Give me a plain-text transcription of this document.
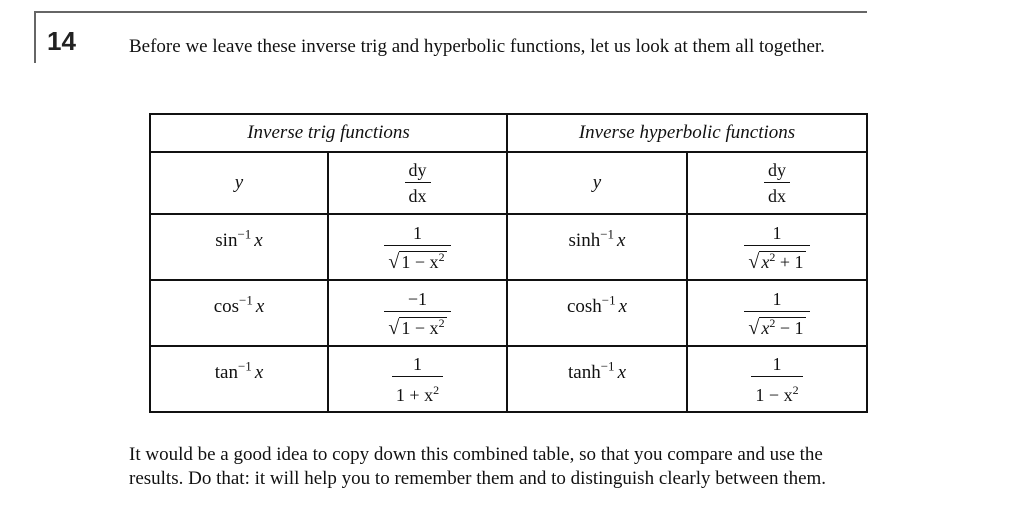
14	Before we leave these inverse trig and hyperbolic functions, let us look at them all together.

Inverse trig functions		Inverse hyperbolic functions	
y	$\frac{dy}{dx}$	y	$\frac{dy}{dx}$

$\sin^{-1} x$	$\frac{1}{√ 1 - x^2}$	$\sinh^{-1} x$	$\frac{1}{√ x^2 + 1}$

$\cos^{-1} x$	$\frac{-1}{√ 1 - x^2}$	$\cosh^{-1} x$	$\frac{1}{√ x^2 - 1}$

$\tan^{-1} x$	$\frac{1}{1 + x^2}$	$\tanh^{-1} x$	$\frac{1}{1 - x^2}$

It would be a good idea to copy down this combined table, so that you compare and use the results. Do that: it will help you to remember them and to distinguish clearly between them.
